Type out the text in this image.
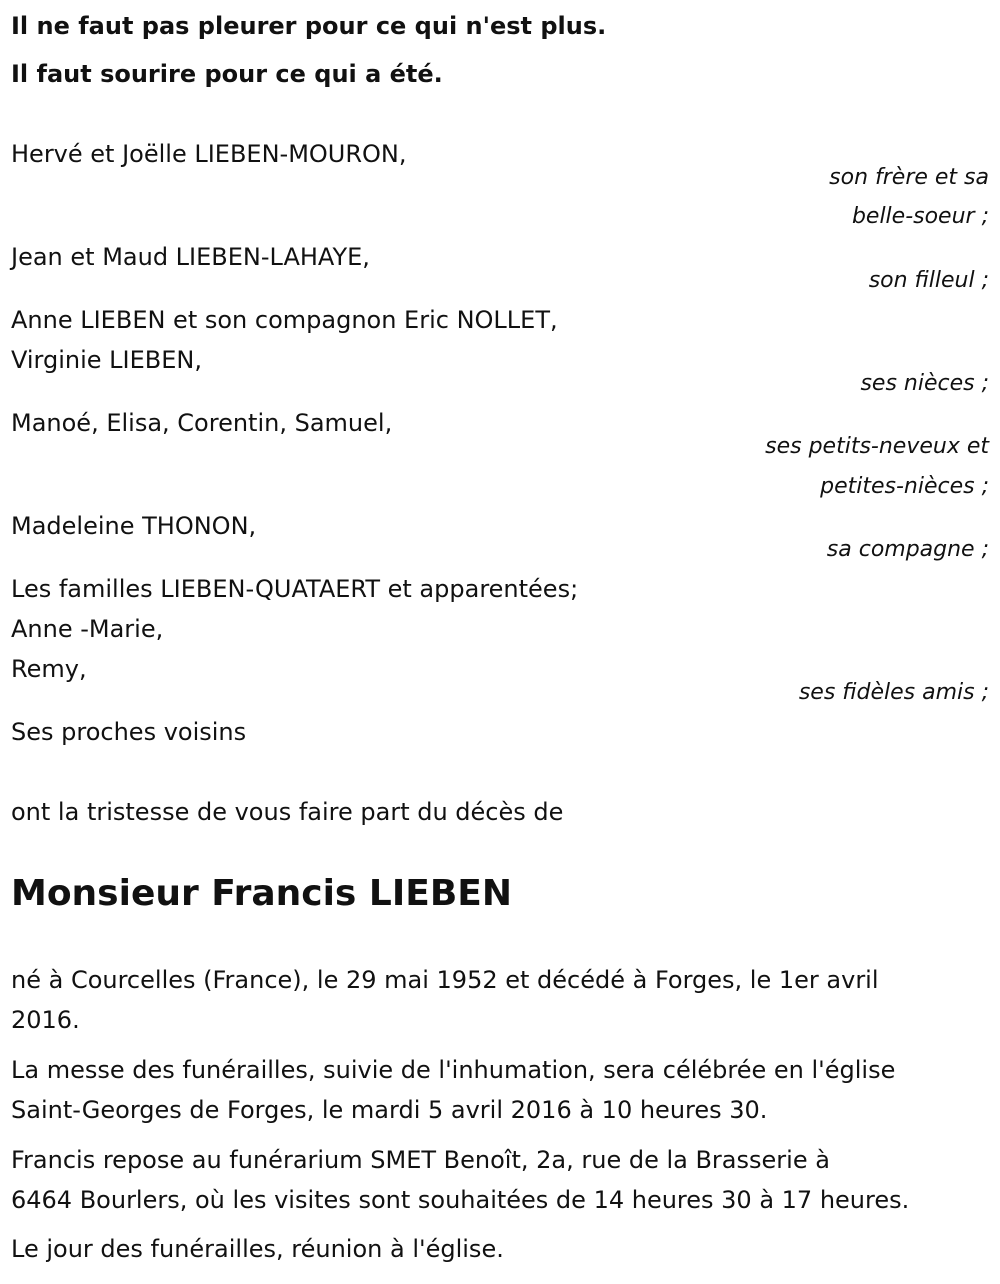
Il ne faut pas pleurer pour ce qui n'est plus.
Il faut sourire pour ce qui a été.
Hervé et Joëlle LIEBEN-MOURON,
son frère et sa
belle-soeur ;
Jean et Maud LIEBEN-LAHAYE,
son filleul ;
Anne LIEBEN et son compagnon Eric NOLLET,
Virginie LIEBEN,
ses nièces ;
Manoé, Elisa, Corentin, Samuel,
ses petits-neveux et
petites-nièces ;
Madeleine THONON,
sa compagne ;
Les familles LIEBEN-QUATAERT et apparentées;
Anne -Marie,
Remy,
ses fidèles amis ;
Ses proches voisins
ont la tristesse de vous faire part du décès de
Monsieur Francis LIEBEN
né à Courcelles (France), le 29 mai 1952 et décédé à Forges, le 1er avril
2016.
La messe des funérailles, suivie de l'inhumation, sera célébrée en l'église
Saint-Georges de Forges, le mardi 5 avril 2016 à 10 heures 30.
Francis repose au funérarium SMET Benoît, 2a, rue de la Brasserie à
6464 Bourlers, où les visites sont souhaitées de 14 heures 30 à 17 heures.
Le jour des funérailles, réunion à l'église.
